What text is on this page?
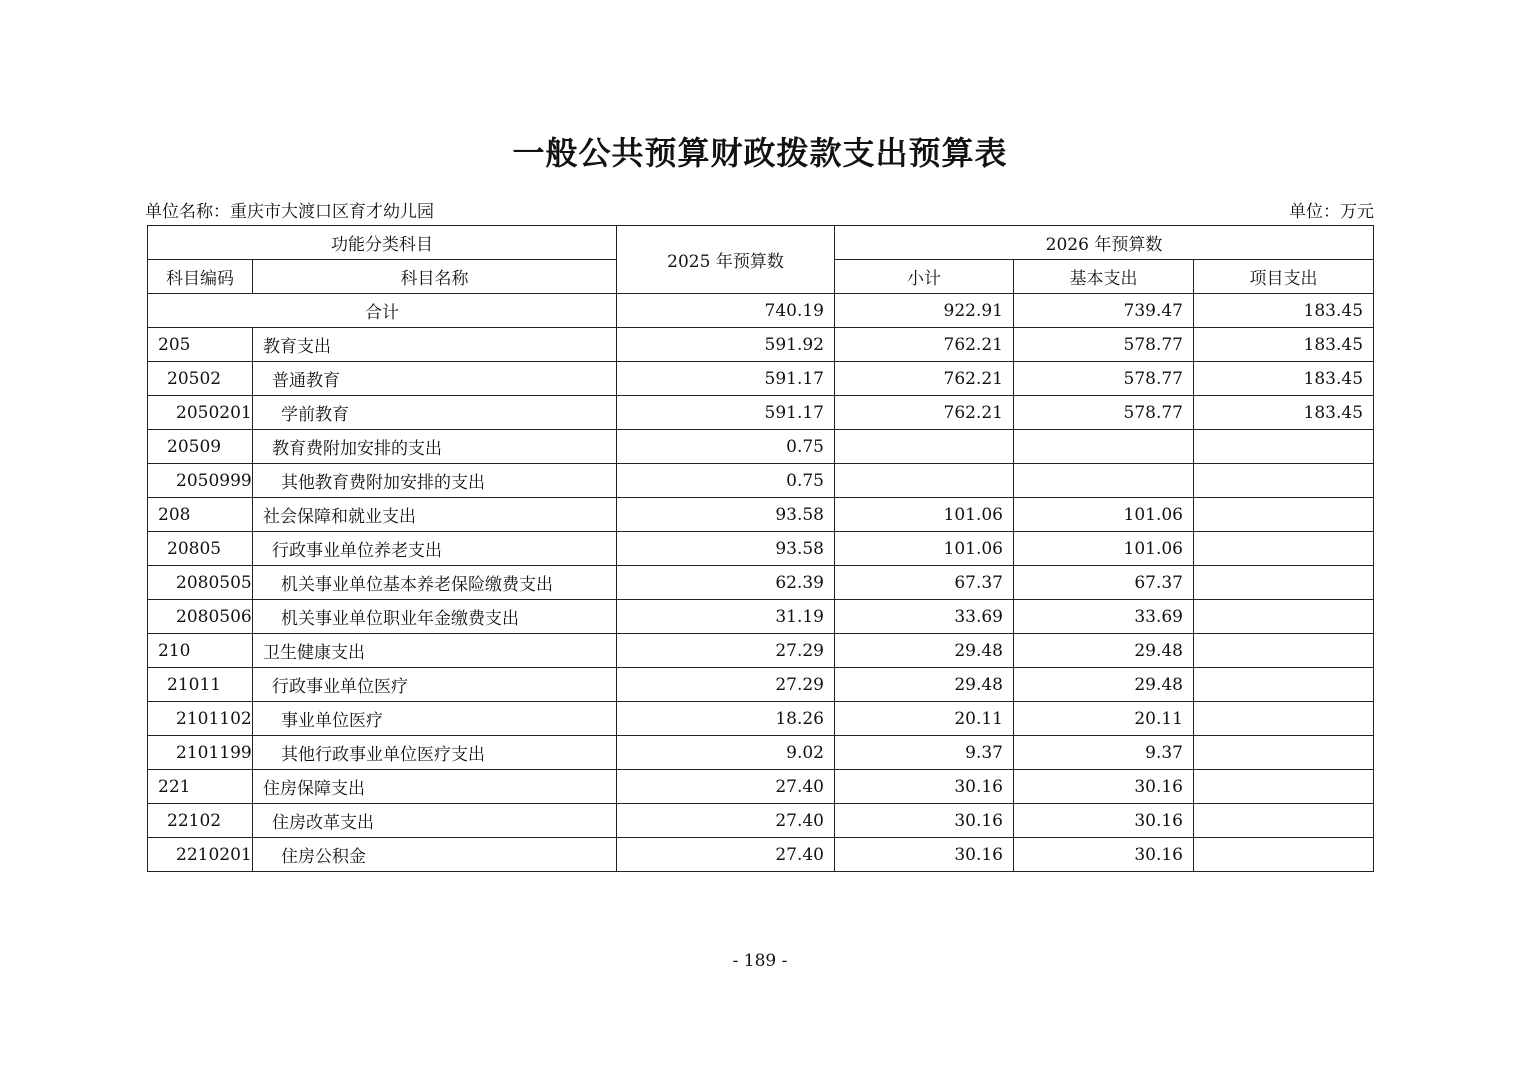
一般公共预算财政拨款支出预算表
单位名称：重庆市大渡口区育才幼儿园	单位：万元
功能分类科目		2025 年预算数	2026 年预算数		
科目编码	科目名称		小计	基本支出	项目支出
合计		740.19	922.91	739.47	183.45
205	教育支出	591.92	762.21	578.77	183.45
20502	普通教育	591.17	762.21	578.77	183.45
2050201	学前教育	591.17	762.21	578.77	183.45
20509	教育费附加安排的支出	0.75			
2050999	其他教育费附加安排的支出	0.75			
208	社会保障和就业支出	93.58	101.06	101.06	
20805	行政事业单位养老支出	93.58	101.06	101.06	
2080505	机关事业单位基本养老保险缴费支出	62.39	67.37	67.37	
2080506	机关事业单位职业年金缴费支出	31.19	33.69	33.69	
210	卫生健康支出	27.29	29.48	29.48	
21011	行政事业单位医疗	27.29	29.48	29.48	
2101102	事业单位医疗	18.26	20.11	20.11	
2101199	其他行政事业单位医疗支出	9.02	9.37	9.37	
221	住房保障支出	27.40	30.16	30.16	
22102	住房改革支出	27.40	30.16	30.16	
2210201	住房公积金	27.40	30.16	30.16	
- 189 -
